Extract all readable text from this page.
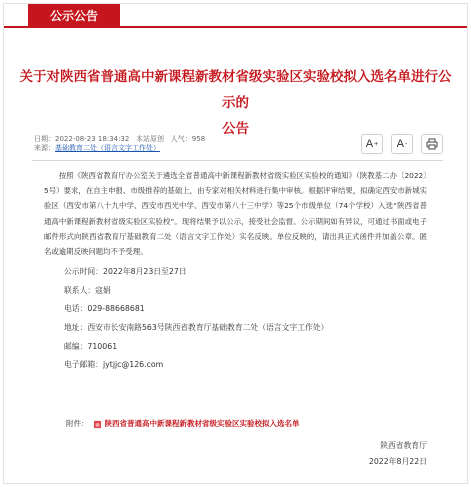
公示公告
关于对陕西省普通高中新课程新教材省级实验区实验校拟入选名单进行公示的
公告
日期：2022-08-23 18:34:32 本站原创 人气：958
来源：基础教育二处（语言文字工作处）	A + A -

按照《陕西省教育厅办公室关于遴选全省普通高中新课程新教材省级实验区实验校的通知》（陕教基二办〔2022〕5号）要求，在自主申报、市级推荐的基础上，由专家对相关材料进行集中审核。根据评审结果，拟确定西安市新城实验区（西安市第八十九中学、西安市西光中学、西安市第八十三中学）等25个市级单位（74个学校）入选“陕西省普通高中新课程新教材省级实验区实验校”。现将结果予以公示，接受社会监督。公示期间如有异议，可通过书面或电子邮件形式向陕西省教育厅基础教育二处（语言文字工作处）实名反映。单位反映的，请出具正式函件并加盖公章。匿名或逾期反映问题均不予受理。

公示时间：2022年8月23日至27日
联系人：寇娟
电话：029-88668681
地址：西安市长安南路563号陕西省教育厅基础教育二处（语言文字工作处）
邮编：710061
电子邮箱：jytjjc@126.com
附件： 陕西省普通高中新课程新教材省级实验区实验校拟入选名单
陕西省教育厅
2022年8月22日
